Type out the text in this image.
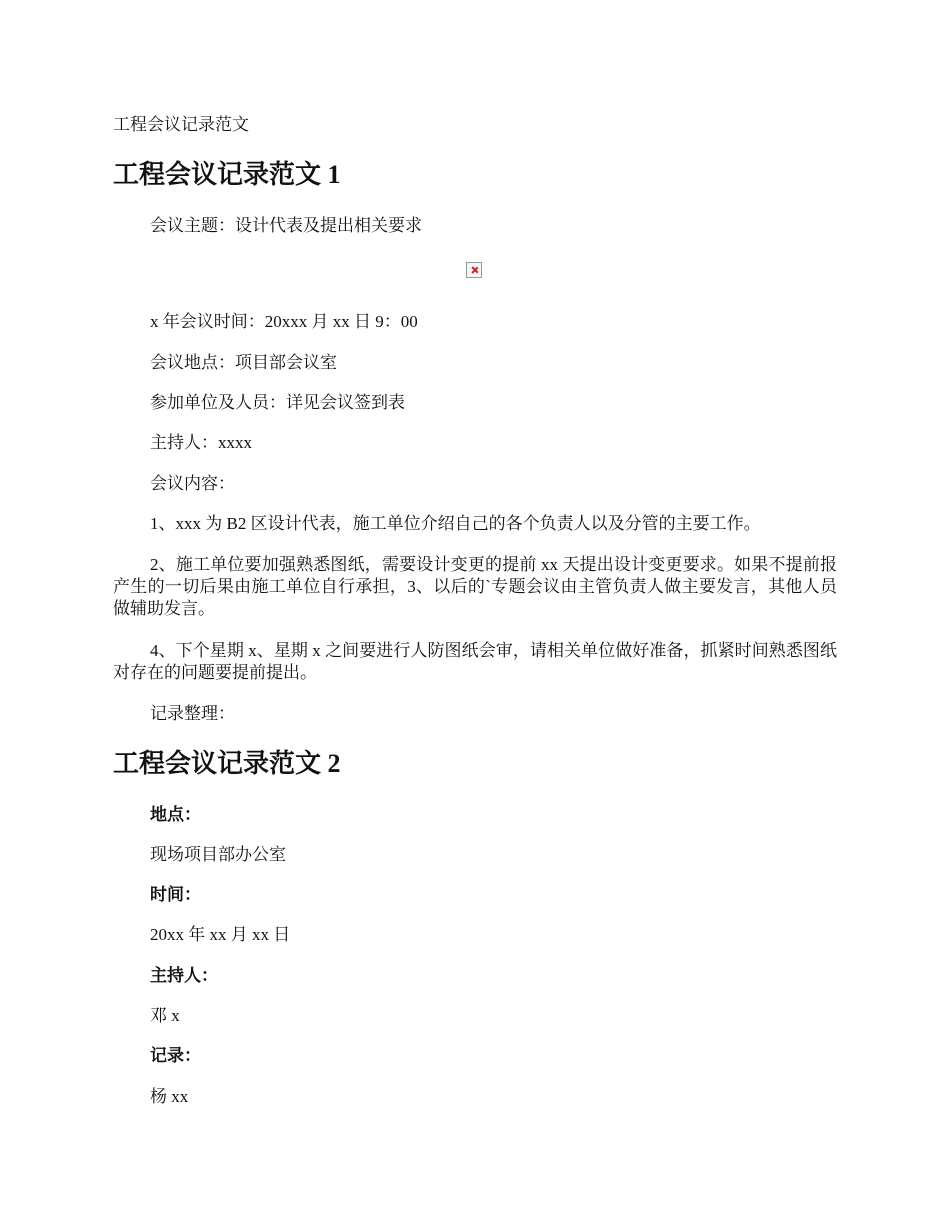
工程会议记录范文
工程会议记录范文 1
会议主题：设计代表及提出相关要求
x 年会议时间：20xxx 月 xx 日 9：00
会议地点：项目部会议室
参加单位及人员：详见会议签到表
主持人：xxxx
会议内容：
1、xxx 为 B2 区设计代表，施工单位介绍自己的各个负责人以及分管的主要工作。
2、施工单位要加强熟悉图纸，需要设计变更的提前 xx 天提出设计变更要求。如果不提前报产生的一切后果由施工单位自行承担，3、以后的`专题会议由主管负责人做主要发言，其他人员做辅助发言。
4、下个星期 x、星期 x 之间要进行人防图纸会审，请相关单位做好准备，抓紧时间熟悉图纸对存在的问题要提前提出。
记录整理：
工程会议记录范文 2
地点：
现场项目部办公室
时间：
20xx 年 xx 月 xx 日
主持人：
邓 x
记录：
杨 xx
